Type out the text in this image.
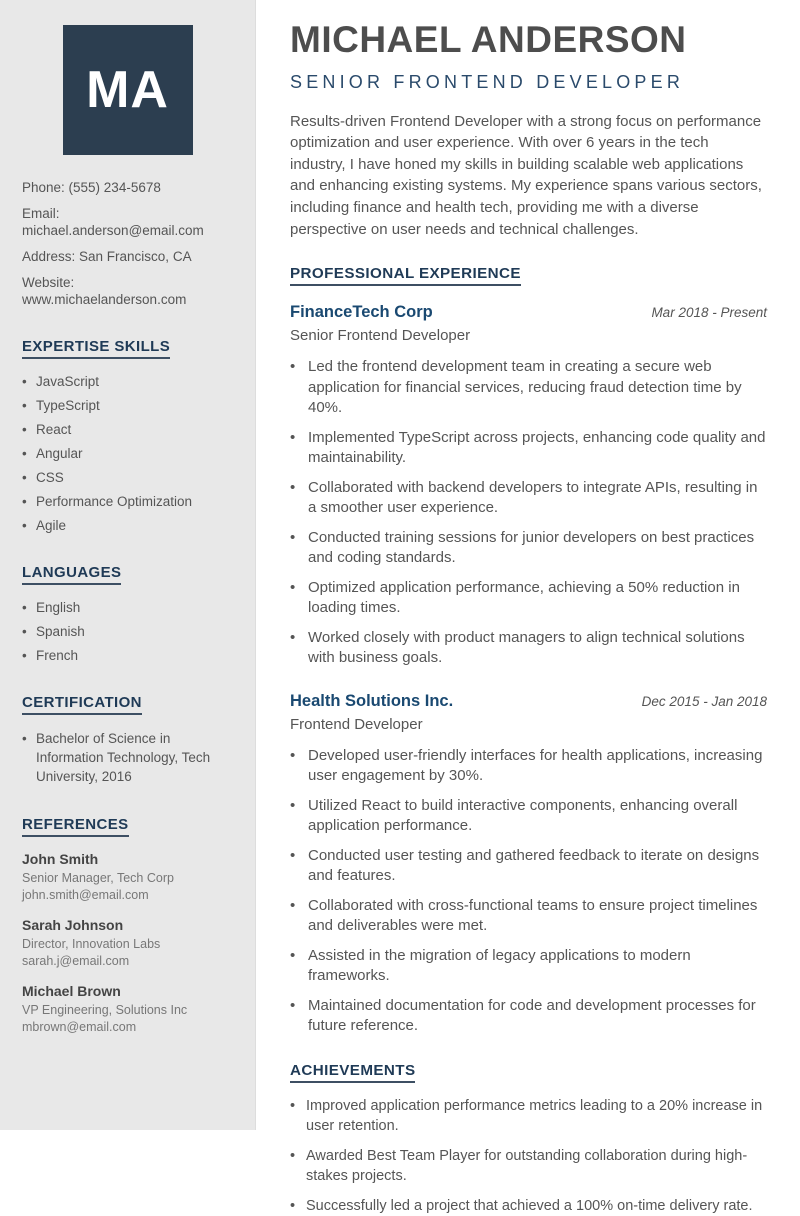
MA

Phone: (555) 234-5678

Email: michael.anderson@email.com

Address: San Francisco, CA

Website: www.michaelanderson.com

EXPERTISE SKILLS
• JavaScript
• TypeScript
• React
• Angular
• CSS
• Performance Optimization
• Agile
LANGUAGES
• English
• Spanish
• French
CERTIFICATION
• Bachelor of Science in Information Technology, Tech University, 2016
REFERENCES

John Smith

Senior Manager, Tech Corp

john.smith@email.com

Sarah Johnson

Director, Innovation Labs

sarah.j@email.com

Michael Brown

VP Engineering, Solutions Inc

mbrown@email.com

MICHAEL ANDERSON
SENIOR FRONTEND DEVELOPER

Results-driven Frontend Developer with a strong focus on performance optimization and user experience. With over 6 years in the tech industry, I have honed my skills in building scalable web applications and enhancing existing systems. My experience spans various sectors, including finance and health tech, providing me with a diverse perspective on user needs and technical challenges.

PROFESSIONAL EXPERIENCE
FinanceTech Corp	Mar 2018 - Present
Senior Frontend Developer
• Led the frontend development team in creating a secure web application for financial services, reducing fraud detection time by 40%.
• Implemented TypeScript across projects, enhancing code quality and maintainability.
• Collaborated with backend developers to integrate APIs, resulting in a smoother user experience.
• Conducted training sessions for junior developers on best practices and coding standards.
• Optimized application performance, achieving a 50% reduction in loading times.
• Worked closely with product managers to align technical solutions with business goals.
Health Solutions Inc.	Dec 2015 - Jan 2018
Frontend Developer
• Developed user-friendly interfaces for health applications, increasing user engagement by 30%.
• Utilized React to build interactive components, enhancing overall application performance.
• Conducted user testing and gathered feedback to iterate on designs and features.
• Collaborated with cross-functional teams to ensure project timelines and deliverables were met.
• Assisted in the migration of legacy applications to modern frameworks.
• Maintained documentation for code and development processes for future reference.
ACHIEVEMENTS
• Improved application performance metrics leading to a 20% increase in user retention.
• Awarded Best Team Player for outstanding collaboration during high-stakes projects.
• Successfully led a project that achieved a 100% on-time delivery rate.
